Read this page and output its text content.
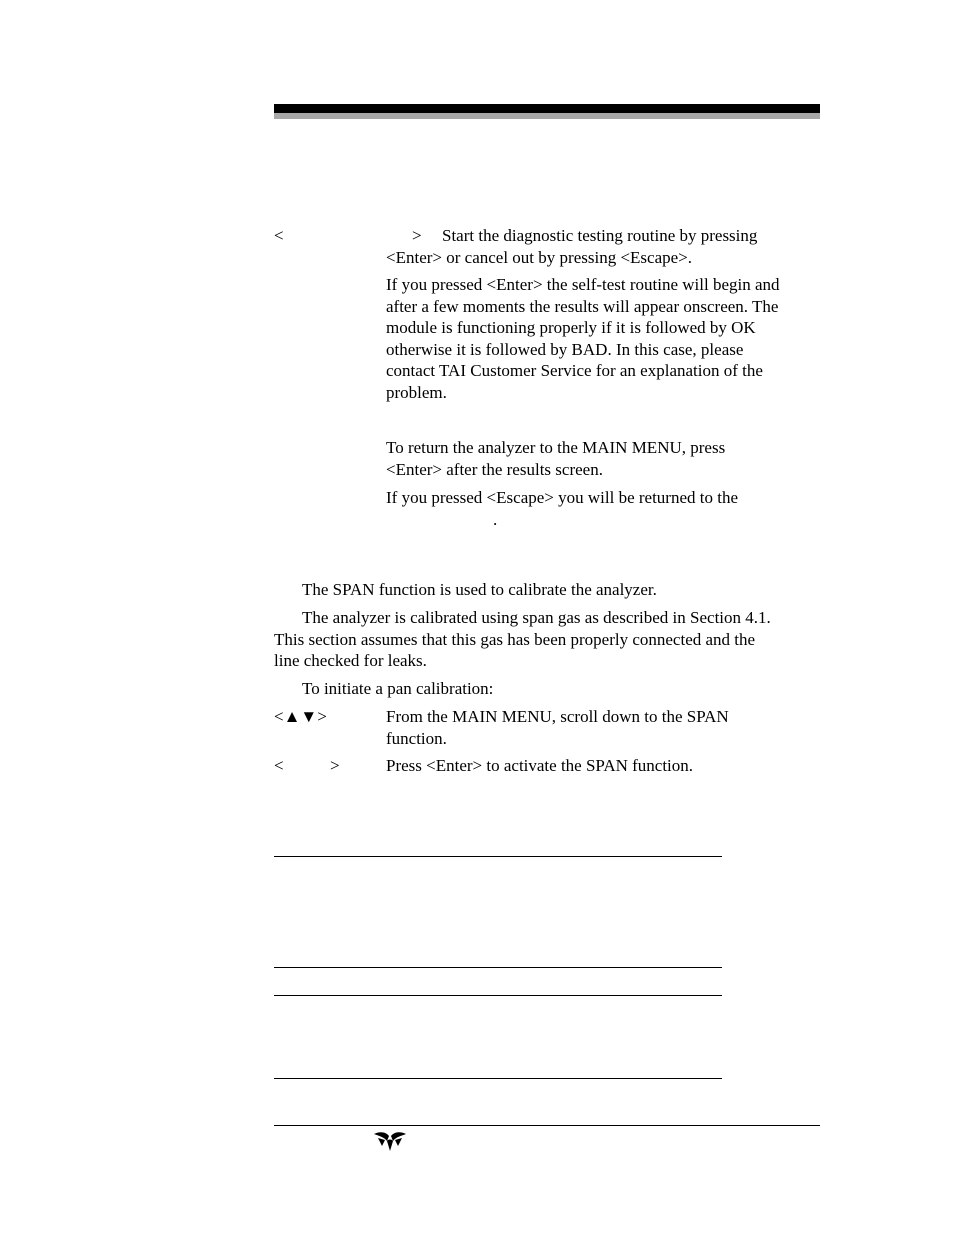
<	> Start the diagnostic testing routine by pressing
<Enter> or cancel out by pressing <Escape>.
If you pressed <Enter> the self-test routine will begin and
after a few moments the results will appear onscreen. The
module is functioning properly if it is followed by OK
otherwise it is followed by BAD. In this case, please
contact TAI Customer Service for an explanation of the
problem.
To return the analyzer to the MAIN MENU, press
<Enter> after the results screen.
If you pressed <Escape> you will be returned to the
.
The SPAN function is used to calibrate the analyzer.
The analyzer is calibrated using span gas as described in Section 4.1.
This section assumes that this gas has been properly connected and the
line checked for leaks.
To initiate a pan calibration:
<▲▼>	From the MAIN MENU, scroll down to the SPAN
function.
<	>	Press <Enter> to activate the SPAN function.
